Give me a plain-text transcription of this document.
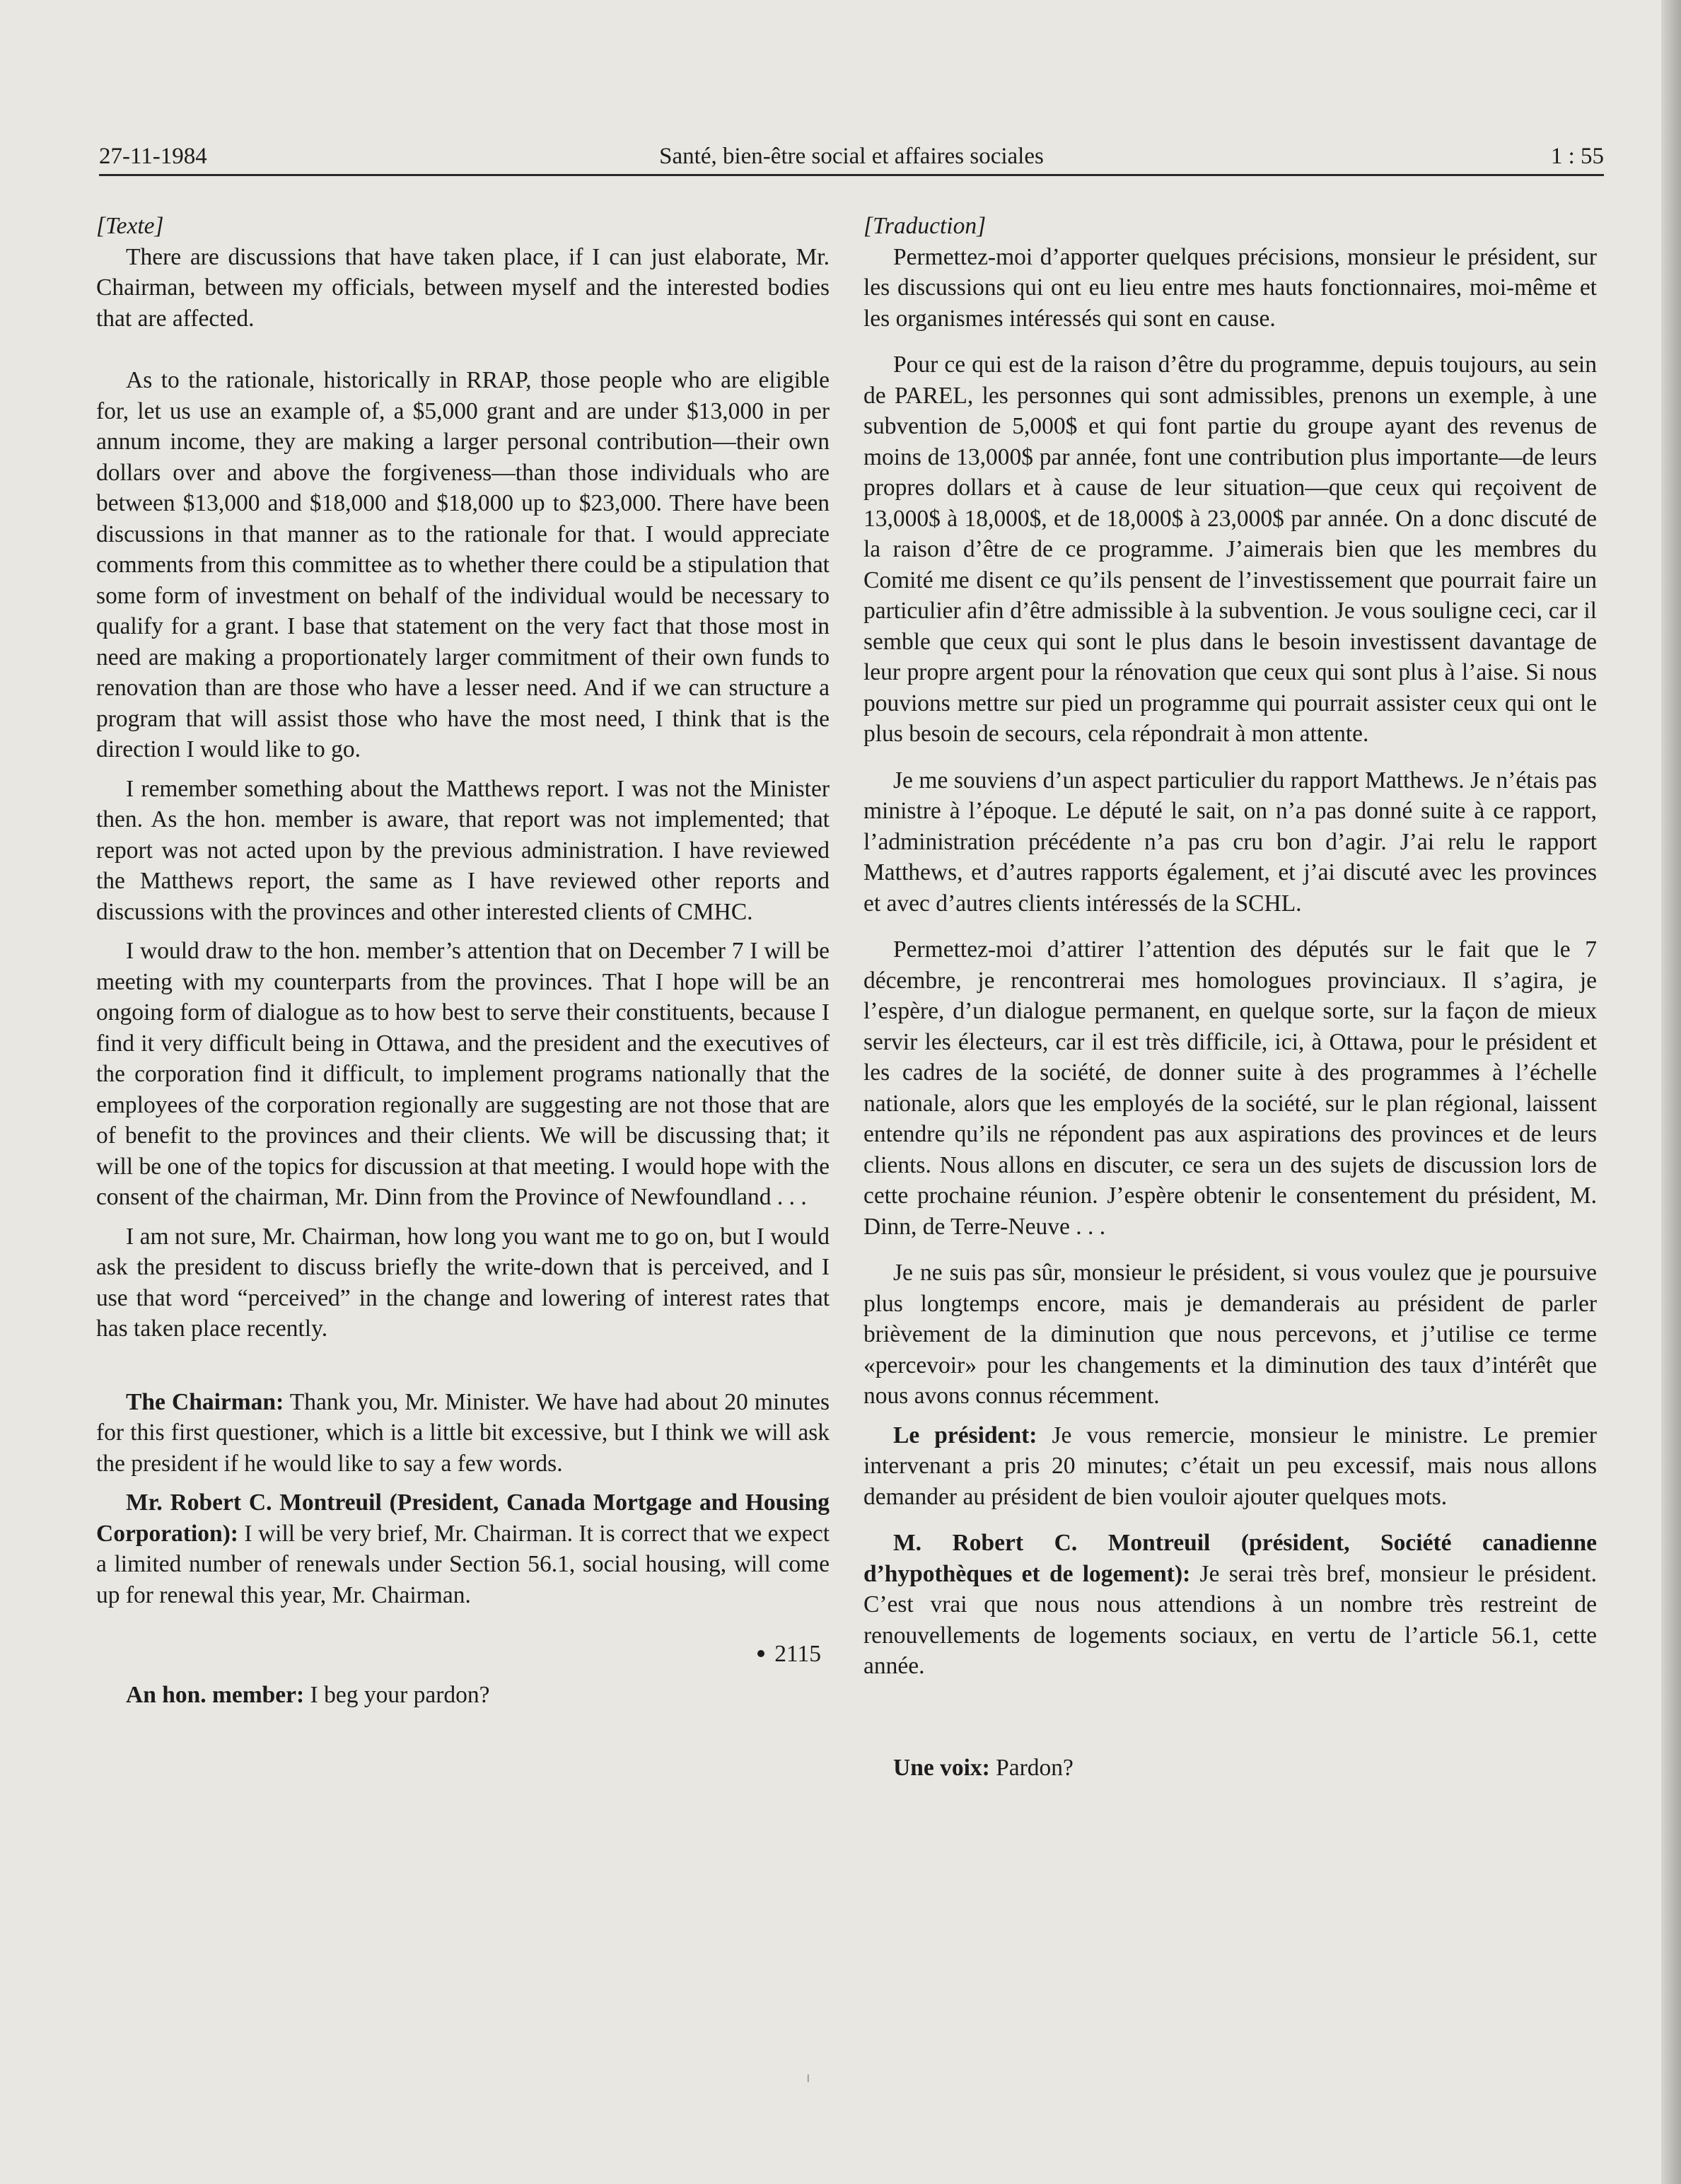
27-11-1984	Santé, bien-être social et affaires sociales	1 : 55

[Texte]

There are discussions that have taken place, if I can just elaborate, Mr. Chairman, between my officials, between myself and the interested bodies that are affected.

As to the rationale, historically in RRAP, those people who are eligible for, let us use an example of, a $5,000 grant and are under $13,000 in per annum income, they are making a larger personal contribution—their own dollars over and above the forgiveness—than those individuals who are between $13,000 and $18,000 and $18,000 up to $23,000. There have been discussions in that manner as to the rationale for that. I would appreciate comments from this committee as to whether there could be a stipulation that some form of investment on behalf of the individual would be necessary to qualify for a grant. I base that statement on the very fact that those most in need are making a proportionately larger commitment of their own funds to renovation than are those who have a lesser need. And if we can structure a program that will assist those who have the most need, I think that is the direction I would like to go.

I remember something about the Matthews report. I was not the Minister then. As the hon. member is aware, that report was not implemented; that report was not acted upon by the previous administration. I have reviewed the Matthews report, the same as I have reviewed other reports and discussions with the provinces and other interested clients of CMHC.

I would draw to the hon. member’s attention that on December 7 I will be meeting with my counterparts from the provinces. That I hope will be an ongoing form of dialogue as to how best to serve their constituents, because I find it very difficult being in Ottawa, and the president and the executives of the corporation find it difficult, to implement programs nationally that the employees of the corporation regionally are suggesting are not those that are of benefit to the provinces and their clients. We will be discussing that; it will be one of the topics for discussion at that meeting. I would hope with the consent of the chairman, Mr. Dinn from the Province of Newfoundland . . .

I am not sure, Mr. Chairman, how long you want me to go on, but I would ask the president to discuss briefly the write-down that is perceived, and I use that word “perceived” in the change and lowering of interest rates that has taken place recently.

The Chairman: Thank you, Mr. Minister. We have had about 20 minutes for this first questioner, which is a little bit excessive, but I think we will ask the president if he would like to say a few words.

Mr. Robert C. Montreuil (President, Canada Mortgage and Housing Corporation): I will be very brief, Mr. Chairman. It is correct that we expect a limited number of renewals under Section 56.1, social housing, will come up for renewal this year, Mr. Chairman.

2115

An hon. member: I beg your pardon?

[Traduction]

Permettez-moi d’apporter quelques précisions, monsieur le président, sur les discussions qui ont eu lieu entre mes hauts fonctionnaires, moi-même et les organismes intéressés qui sont en cause.

Pour ce qui est de la raison d’être du programme, depuis toujours, au sein de PAREL, les personnes qui sont admissibles, prenons un exemple, à une subvention de 5,000$ et qui font partie du groupe ayant des revenus de moins de 13,000$ par année, font une contribution plus importante—de leurs propres dollars et à cause de leur situation—que ceux qui reçoivent de 13,000$ à 18,000$, et de 18,000$ à 23,000$ par année. On a donc discuté de la raison d’être de ce programme. J’aimerais bien que les membres du Comité me disent ce qu’ils pensent de l’investissement que pourrait faire un particulier afin d’être admissible à la subvention. Je vous souligne ceci, car il semble que ceux qui sont le plus dans le besoin investissent davantage de leur propre argent pour la rénovation que ceux qui sont plus à l’aise. Si nous pouvions mettre sur pied un programme qui pourrait assister ceux qui ont le plus besoin de secours, cela répondrait à mon attente.

Je me souviens d’un aspect particulier du rapport Matthews. Je n’étais pas ministre à l’époque. Le député le sait, on n’a pas donné suite à ce rapport, l’administration précédente n’a pas cru bon d’agir. J’ai relu le rapport Matthews, et d’autres rapports également, et j’ai discuté avec les provinces et avec d’autres clients intéressés de la SCHL.

Permettez-moi d’attirer l’attention des députés sur le fait que le 7 décembre, je rencontrerai mes homologues provinciaux. Il s’agira, je l’espère, d’un dialogue permanent, en quelque sorte, sur la façon de mieux servir les électeurs, car il est très difficile, ici, à Ottawa, pour le président et les cadres de la société, de donner suite à des programmes à l’échelle nationale, alors que les employés de la société, sur le plan régional, laissent entendre qu’ils ne répondent pas aux aspirations des provinces et de leurs clients. Nous allons en discuter, ce sera un des sujets de discussion lors de cette prochaine réunion. J’espère obtenir le consentement du président, M. Dinn, de Terre-Neuve . . .

Je ne suis pas sûr, monsieur le président, si vous voulez que je poursuive plus longtemps encore, mais je demanderais au président de parler brièvement de la diminution que nous percevons, et j’utilise ce terme «percevoir» pour les changements et la diminution des taux d’intérêt que nous avons connus récemment.

Le président: Je vous remercie, monsieur le ministre. Le premier intervenant a pris 20 minutes; c’était un peu excessif, mais nous allons demander au président de bien vouloir ajouter quelques mots.

M. Robert C. Montreuil (président, Société canadienne d’hypothèques et de logement): Je serai très bref, monsieur le président. C’est vrai que nous nous attendions à un nombre très restreint de renouvellements de logements sociaux, en vertu de l’article 56.1, cette année.

Une voix: Pardon?

ı
